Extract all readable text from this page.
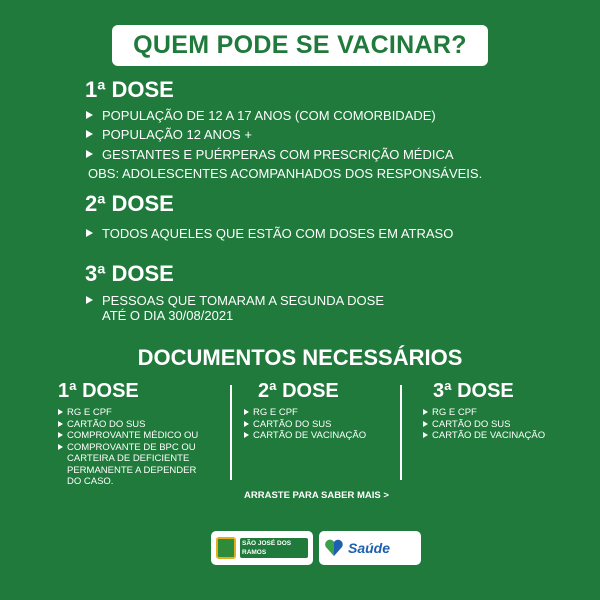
QUEM PODE SE VACINAR?
1ª DOSE
POPULAÇÃO DE 12 A 17 ANOS (COM COMORBIDADE)
POPULAÇÃO 12 ANOS +
GESTANTES E PUÉRPERAS COM PRESCRIÇÃO MÉDICA
OBS: ADOLESCENTES ACOMPANHADOS DOS RESPONSÁVEIS.
2ª DOSE
TODOS AQUELES QUE ESTÃO COM DOSES EM ATRASO
3ª DOSE
PESSOAS QUE TOMARAM A SEGUNDA DOSE
ATÉ O DIA 30/08/2021
DOCUMENTOS NECESSÁRIOS
1ª DOSE
RG E CPF
CARTÃO DO SUS
COMPROVANTE MÉDICO OU
COMPROVANTE DE BPC OU
CARTEIRA DE DEFICIENTE
PERMANENTE A DEPENDER
DO CASO.
2ª DOSE
RG E CPF
CARTÃO DO SUS
CARTÃO DE VACINAÇÃO
3ª DOSE
RG E CPF
CARTÃO DO SUS
CARTÃO DE VACINAÇÃO
ARRASTE PARA SABER MAIS >
SÃO JOSÉ DOS RAMOS	Saúde
